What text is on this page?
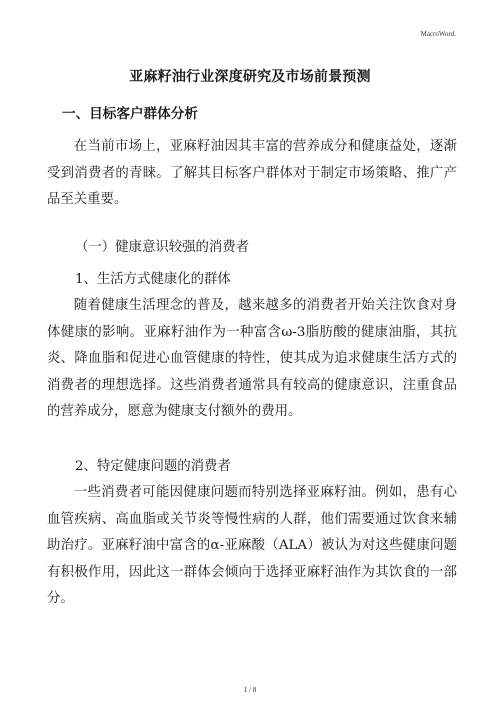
MacroWord.
亚麻籽油行业深度研究及市场前景预测

一、目标客户群体分析

在当前市场上，亚麻籽油因其丰富的营养成分和健康益处，逐渐受到消费者的青睐。了解其目标客户群体对于制定市场策略、推广产品至关重要。

（一）健康意识较强的消费者

1、生活方式健康化的群体

随着健康生活理念的普及，越来越多的消费者开始关注饮食对身体健康的影响。亚麻籽油作为一种富含ω-3脂肪酸的健康油脂，其抗炎、降血脂和促进心血管健康的特性，使其成为追求健康生活方式的消费者的理想选择。这些消费者通常具有较高的健康意识，注重食品的营养成分，愿意为健康支付额外的费用。

2、特定健康问题的消费者

一些消费者可能因健康问题而特别选择亚麻籽油。例如，患有心血管疾病、高血脂或关节炎等慢性病的人群，他们需要通过饮食来辅助治疗。亚麻籽油中富含的α-亚麻酸（ALA）被认为对这些健康问题有积极作用，因此这一群体会倾向于选择亚麻籽油作为其饮食的一部分。

1 / 8
